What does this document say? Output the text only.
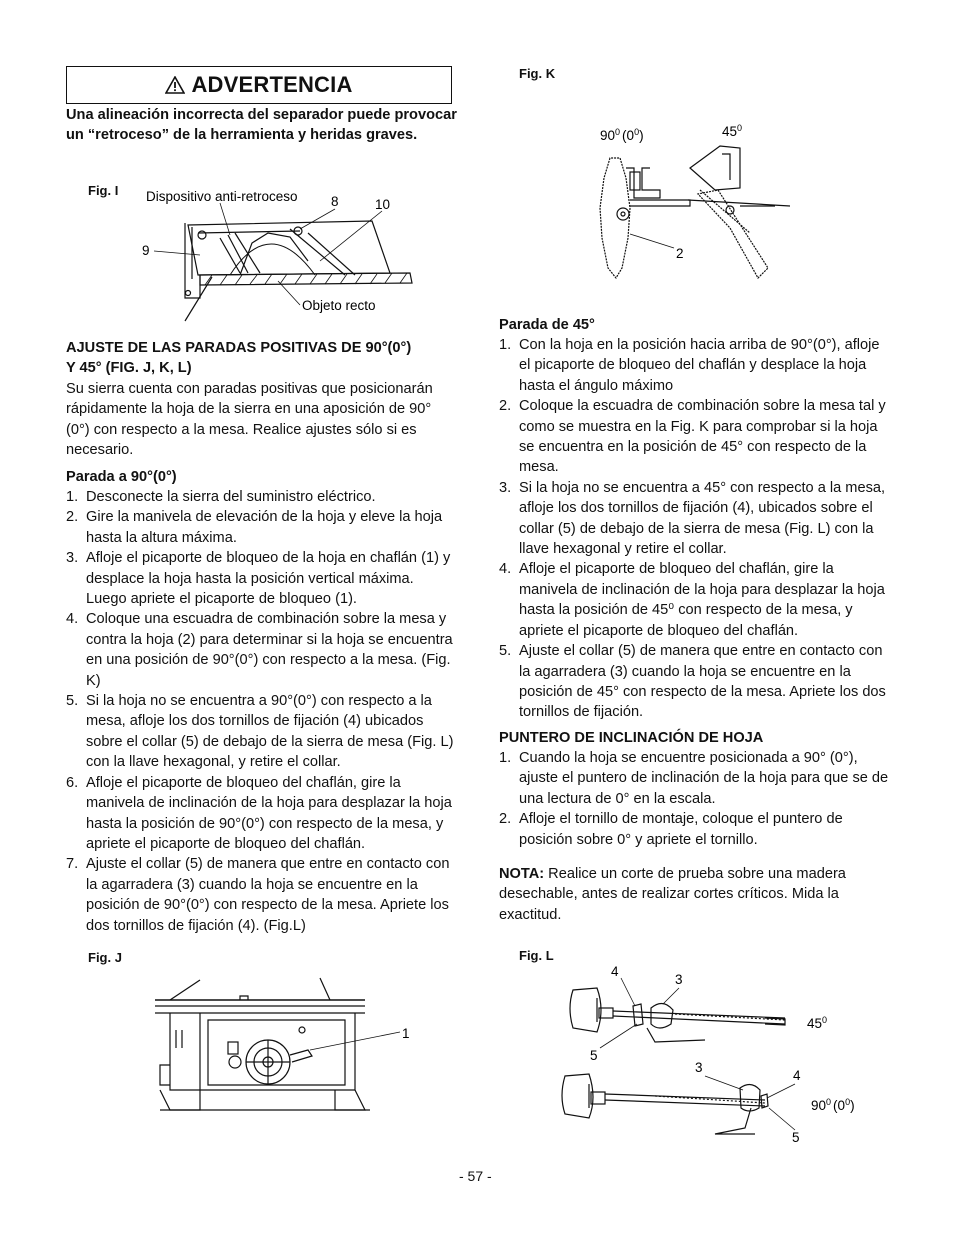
ADVERTENCIA
Una alineación incorrecta del separador puede provocar un “retroceso” de la herramienta y heridas graves.
Fig. I Dispositivo anti-retroceso 8	10
9
Objeto recto
AJUSTE DE LAS PARADAS POSITIVAS DE 90°(0°)
Y 45° (FIG. J, K, L)
Su sierra cuenta con paradas positivas que posicionarán rápidamente la hoja de la sierra en una aposición de 90° (0°) con respecto a la mesa. Realice ajustes sólo si es necesario.
Parada a 90°(0°)
1. Desconecte la sierra del suministro eléctrico.
2. Gire la manivela de elevación de la hoja y eleve la hoja hasta la altura máxima.
3. Afloje el picaporte de bloqueo de la hoja en chaflán (1) y desplace la hoja hasta la posición vertical máxima. Luego apriete el picaporte de bloqueo (1).
4. Coloque una escuadra de combinación sobre la mesa y contra la hoja (2) para determinar si la hoja se encuentra en una posición de 90°(0°) con respecto a la mesa. (Fig. K)
5. Si la hoja no se encuentra a 90°(0°) con respecto a la mesa, afloje los dos tornillos de fijación (4) ubicados sobre el collar (5) de debajo de la sierra de mesa (Fig. L) con la llave hexagonal, y retire el collar.
6. Afloje el picaporte de bloqueo del chaflán, gire la manivela de inclinación de la hoja para desplazar la hoja hasta la posición de 90°(0°) con respecto de la mesa, y apriete el picaporte de bloqueo del chaflán.
7. Ajuste el collar (5) de manera que entre en contacto con la agarradera (3) cuando la hoja se encuentre en la posición de 90°(0°) con respecto de la mesa. Apriete los dos tornillos de fijación (4). (Fig.L)
Fig. J
1
Fig. K
$90^0$ $(0^0)$	$45^0$
2
Parada de 45°
1. Con la hoja en la posición hacia arriba de 90°(0°), afloje el picaporte de bloqueo del chaflán y desplace la hoja hasta el ángulo máximo
2. Coloque la escuadra de combinación sobre la mesa tal y como se muestra en la Fig. K para comprobar si la hoja se encuentra en la posición de 45° con respecto de la mesa.
3. Si la hoja no se encuentra a 45° con respecto a la mesa, afloje los dos tornillos de fijación (4), ubicados sobre el collar (5) de debajo de la sierra de mesa (Fig. L) con la llave hexagonal y retire el collar.
4. Afloje el picaporte de bloqueo del chaflán, gire la manivela de inclinación de la hoja para desplazar la hoja hasta la posición de 45⁰ con respecto de la mesa, y apriete el picaporte de bloqueo del chaflán.
5. Ajuste el collar (5) de manera que entre en contacto con la agarradera (3) cuando la hoja se encuentre en la posición de 45° con respecto de la mesa. Apriete los dos tornillos de fijación.
PUNTERO DE INCLINACIÓN DE HOJA
1. Cuando la hoja se encuentre posicionada a 90° (0°), ajuste el puntero de inclinación de la hoja para que se de una lectura de 0° en la escala.
2. Afloje el tornillo de montaje, coloque el puntero de posición sobre 0° y apriete el tornillo.
NOTA: Realice un corte de prueba sobre una madera desechable, antes de realizar cortes críticos. Mida la exactitud.
Fig. L
4
3
5
$45^0$
3
4
5
$90^0$ $(0^0)$
- 57 -
